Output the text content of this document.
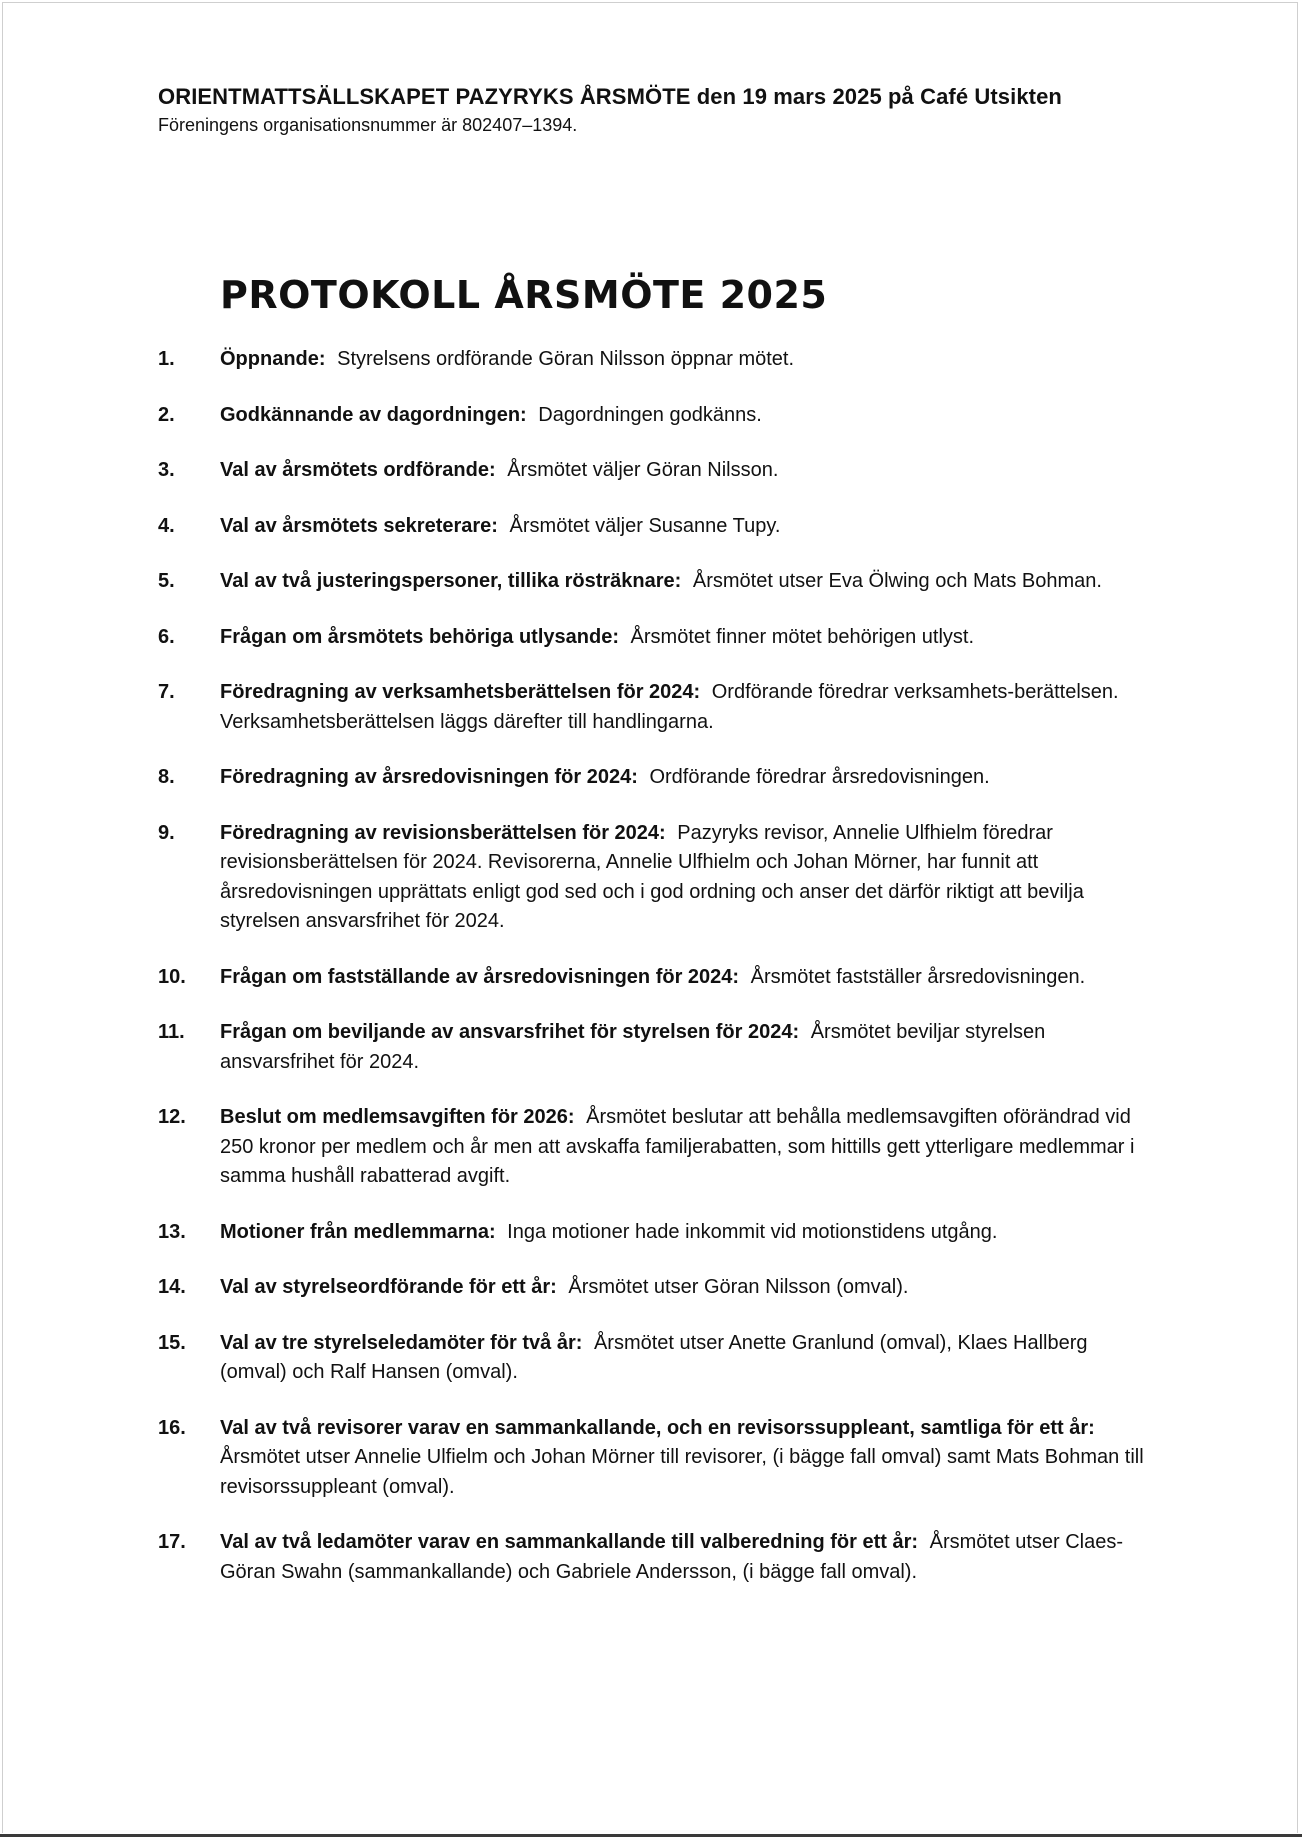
ORIENTMATTSÄLLSKAPET PAZYRYKS ÅRSMÖTE den 19 mars 2025 på Café Utsikten
Föreningens organisationsnummer är 802407–1394.
PROTOKOLL ÅRSMÖTE 2025
1.	Öppnande: Styrelsens ordförande Göran Nilsson öppnar mötet.
2.	Godkännande av dagordningen: Dagordningen godkänns.
3.	Val av årsmötets ordförande: Årsmötet väljer Göran Nilsson.
4.	Val av årsmötets sekreterare: Årsmötet väljer Susanne Tupy.
5.	Val av två justeringspersoner, tillika rösträknare: Årsmötet utser Eva Ölwing och Mats Bohman.
6.	Frågan om årsmötets behöriga utlysande: Årsmötet finner mötet behörigen utlyst.
7.	Föredragning av verksamhetsberättelsen för 2024: Ordförande föredrar verksamhets-berättelsen. Verksamhetsberättelsen läggs därefter till handlingarna.
8.	Föredragning av årsredovisningen för 2024: Ordförande föredrar årsredovisningen.
9.	Föredragning av revisionsberättelsen för 2024: Pazyryks revisor, Annelie Ulfhielm föredrar revisionsberättelsen för 2024. Revisorerna, Annelie Ulfhielm och Johan Mörner, har funnit att årsredovisningen upprättats enligt god sed och i god ordning och anser det därför riktigt att bevilja styrelsen ansvarsfrihet för 2024.
10.	Frågan om fastställande av årsredovisningen för 2024: Årsmötet fastställer årsredovisningen.
11.	Frågan om beviljande av ansvarsfrihet för styrelsen för 2024: Årsmötet beviljar styrelsen ansvarsfrihet för 2024.
12.	Beslut om medlemsavgiften för 2026: Årsmötet beslutar att behålla medlemsavgiften oförändrad vid 250 kronor per medlem och år men att avskaffa familjerabatten, som hittills gett ytterligare medlemmar i samma hushåll rabatterad avgift.
13.	Motioner från medlemmarna: Inga motioner hade inkommit vid motionstidens utgång.
14.	Val av styrelseordförande för ett år: Årsmötet utser Göran Nilsson (omval).
15.	Val av tre styrelseledamöter för två år: Årsmötet utser Anette Granlund (omval), Klaes Hallberg (omval) och Ralf Hansen (omval).
16.	Val av två revisorer varav en sammankallande, och en revisorssuppleant, samtliga för ett år: Årsmötet utser Annelie Ulfielm och Johan Mörner till revisorer, (i bägge fall omval) samt Mats Bohman till revisorssuppleant (omval).
17.	Val av två ledamöter varav en sammankallande till valberedning för ett år: Årsmötet utser Claes-Göran Swahn (sammankallande) och Gabriele Andersson, (i bägge fall omval).
